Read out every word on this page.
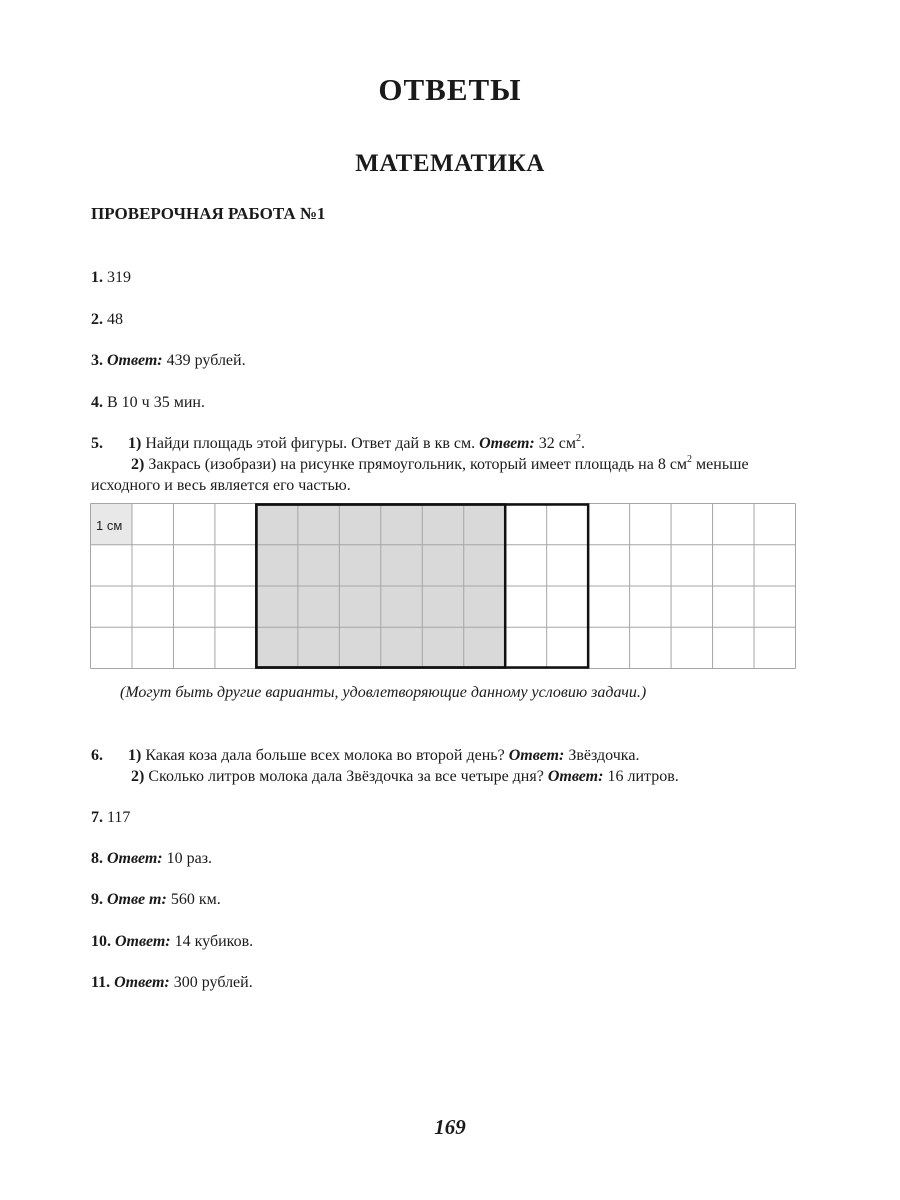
ОТВЕТЫ
МАТЕМАТИКА
ПРОВЕРОЧНАЯ РАБОТА №1
1. 319
2. 48
3. Ответ: 439 рублей.
4. В 10 ч 35 мин.
5. 1) Найди площадь этой фигуры. Ответ дай в кв см. Ответ: 32 $см^2$.
2) Закрась (изобрази) на рисунке прямоугольник, который имеет площадь на 8 $см^2$ меньше
исходного и весь является его частью.
1 см
(Могут быть другие варианты, удовлетворяющие данному условию задачи.)
6. 1) Какая коза дала больше всех молока во второй день? Ответ: Звёздочка.
2) Сколько литров молока дала Звёздочка за все четыре дня? Ответ: 16 литров.
7. 117
8. Ответ: 10 раз.
9. Отве т: 560 км.
10. Ответ: 14 кубиков.
11. Ответ: 300 рублей.
169
